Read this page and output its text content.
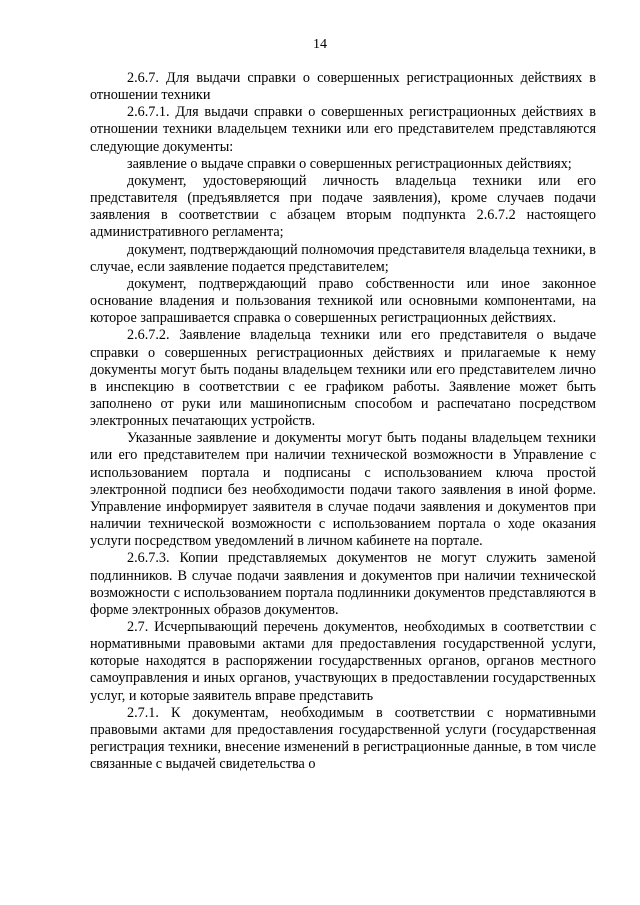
14

2.6.7. Для выдачи справки о совершенных регистрационных действиях в отношении техники

2.6.7.1. Для выдачи справки о совершенных регистрационных действиях в отношении техники владельцем техники или его представителем представляются следующие документы:

заявление о выдаче справки о совершенных регистрационных действиях;

документ, удостоверяющий личность владельца техники или его представителя (предъявляется при подаче заявления), кроме случаев подачи заявления в соответствии с абзацем вторым подпункта 2.6.7.2 настоящего административного регламента;

документ, подтверждающий полномочия представителя владельца техники, в случае, если заявление подается представителем;

документ, подтверждающий право собственности или иное законное основание владения и пользования техникой или основными компонентами, на которое запрашивается справка о совершенных регистрационных действиях.

2.6.7.2. Заявление владельца техники или его представителя о выдаче справки о совершенных регистрационных действиях и прилагаемые к нему документы могут быть поданы владельцем техники или его представителем лично в инспекцию в соответствии с ее графиком работы. Заявление может быть заполнено от руки или машинописным способом и распечатано посредством электронных печатающих устройств.

Указанные заявление и документы могут быть поданы владельцем техники или его представителем при наличии технической возможности в Управление с использованием портала и подписаны с использованием ключа простой электронной подписи без необходимости подачи такого заявления в иной форме. Управление информирует заявителя в случае подачи заявления и документов при наличии технической возможности с использованием портала о ходе оказания услуги посредством уведомлений в личном кабинете на портале.

2.6.7.3. Копии представляемых документов не могут служить заменой подлинников. В случае подачи заявления и документов при наличии технической возможности с использованием портала подлинники документов представляются в форме электронных образов документов.

2.7. Исчерпывающий перечень документов, необходимых в соответствии с нормативными правовыми актами для предоставления государственной услуги, которые находятся в распоряжении государственных органов, органов местного самоуправления и иных органов, участвующих в предоставлении государственных услуг, и которые заявитель вправе представить

2.7.1. К документам, необходимым в соответствии с нормативными правовыми актами для предоставления государственной услуги (государственная регистрация техники, внесение изменений в регистрационные данные, в том числе связанные с выдачей свидетельства о
